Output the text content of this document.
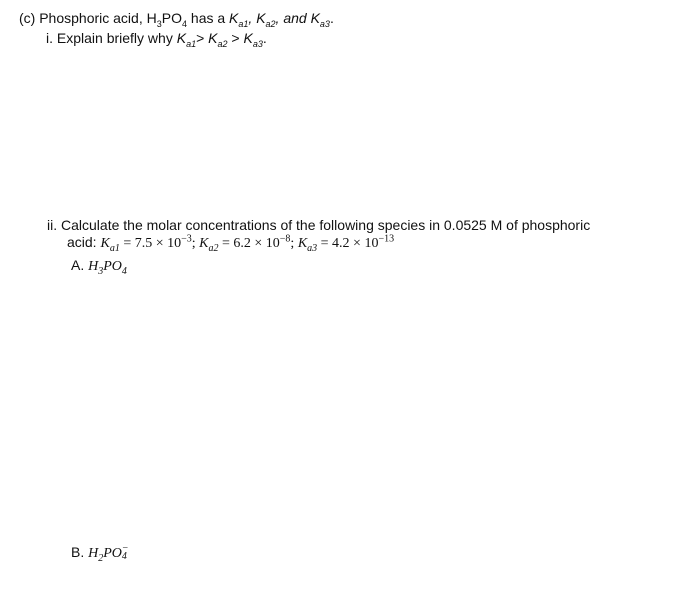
(c) Phosphoric acid, $H_3PO_4$ has a $K_{a1}$, $K_{a2}$, and $K_{a3}$.
i. Explain briefly why $K_{a1}> K_{a2} > K_{a3}$.
ii. Calculate the molar concentrations of the following species in 0.0525 M of phosphoric
acid: $K_{a1} = 7.5 \times 10^{-3}$; $K_{a2} = 6.2 \times 10^{-8}$; $K_{a3} = 4.2 \times 10^{-13}$
A. $H_3PO_4$
B. $H_2PO$ −
4
